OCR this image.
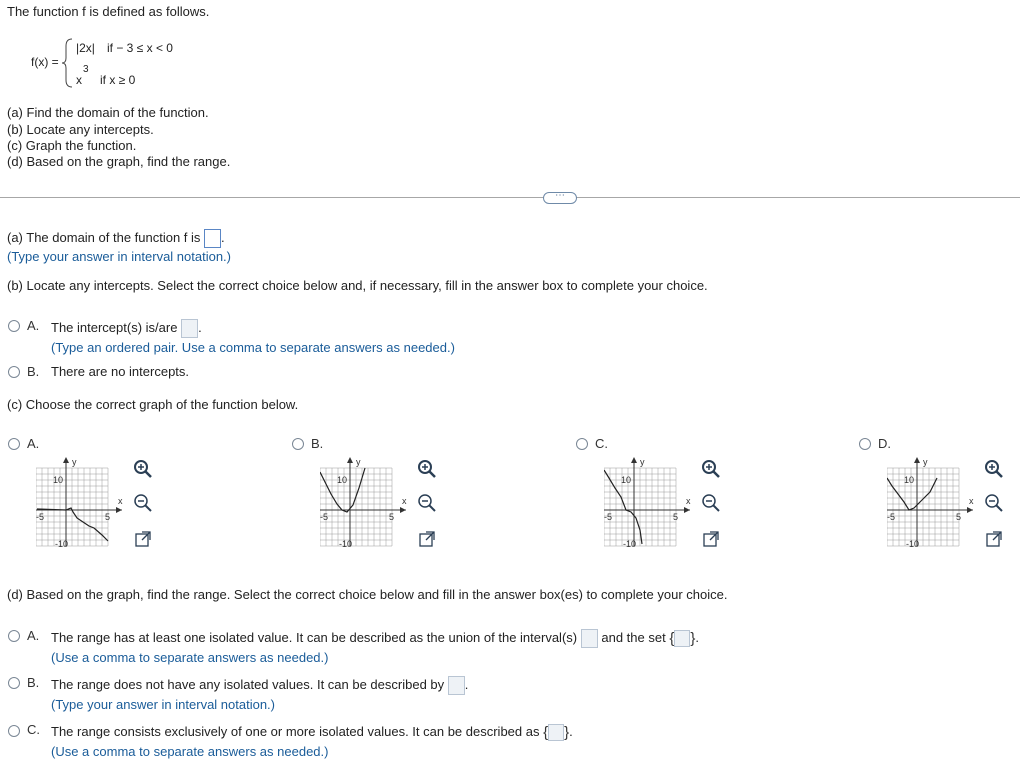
The function f is defined as follows.
f(x) =
|2x| if − 3 ≤ x < 0
x
3
if x ≥ 0
(a) Find the domain of the function.
(b) Locate any intercepts.
(c) Graph the function.
(d) Based on the graph, find the range.
⋯
(a) The domain of the function f is .
(Type your answer in interval notation.)
(b) Locate any intercepts. Select the correct choice below and, if necessary, fill in the answer box to complete your choice.
A. The intercept(s) is/are .
(Type an ordered pair. Use a comma to separate answers as needed.)
B. There are no intercepts.
(c) Choose the correct graph of the function below.
A.	B.	C.	D.
y
x
10
-10
-5	5
y
x
10
-10
-5	5
y
x
10
-10
-5	5
y
x
10
-10
-5	5
(d) Based on the graph, find the range. Select the correct choice below and fill in the answer box(es) to complete your choice.
A. The range has at least one isolated value. It can be described as the union of the interval(s) and the set { }.
(Use a comma to separate answers as needed.)
B. The range does not have any isolated values. It can be described by .
(Type your answer in interval notation.)
C. The range consists exclusively of one or more isolated values. It can be described as { }.
(Use a comma to separate answers as needed.)
